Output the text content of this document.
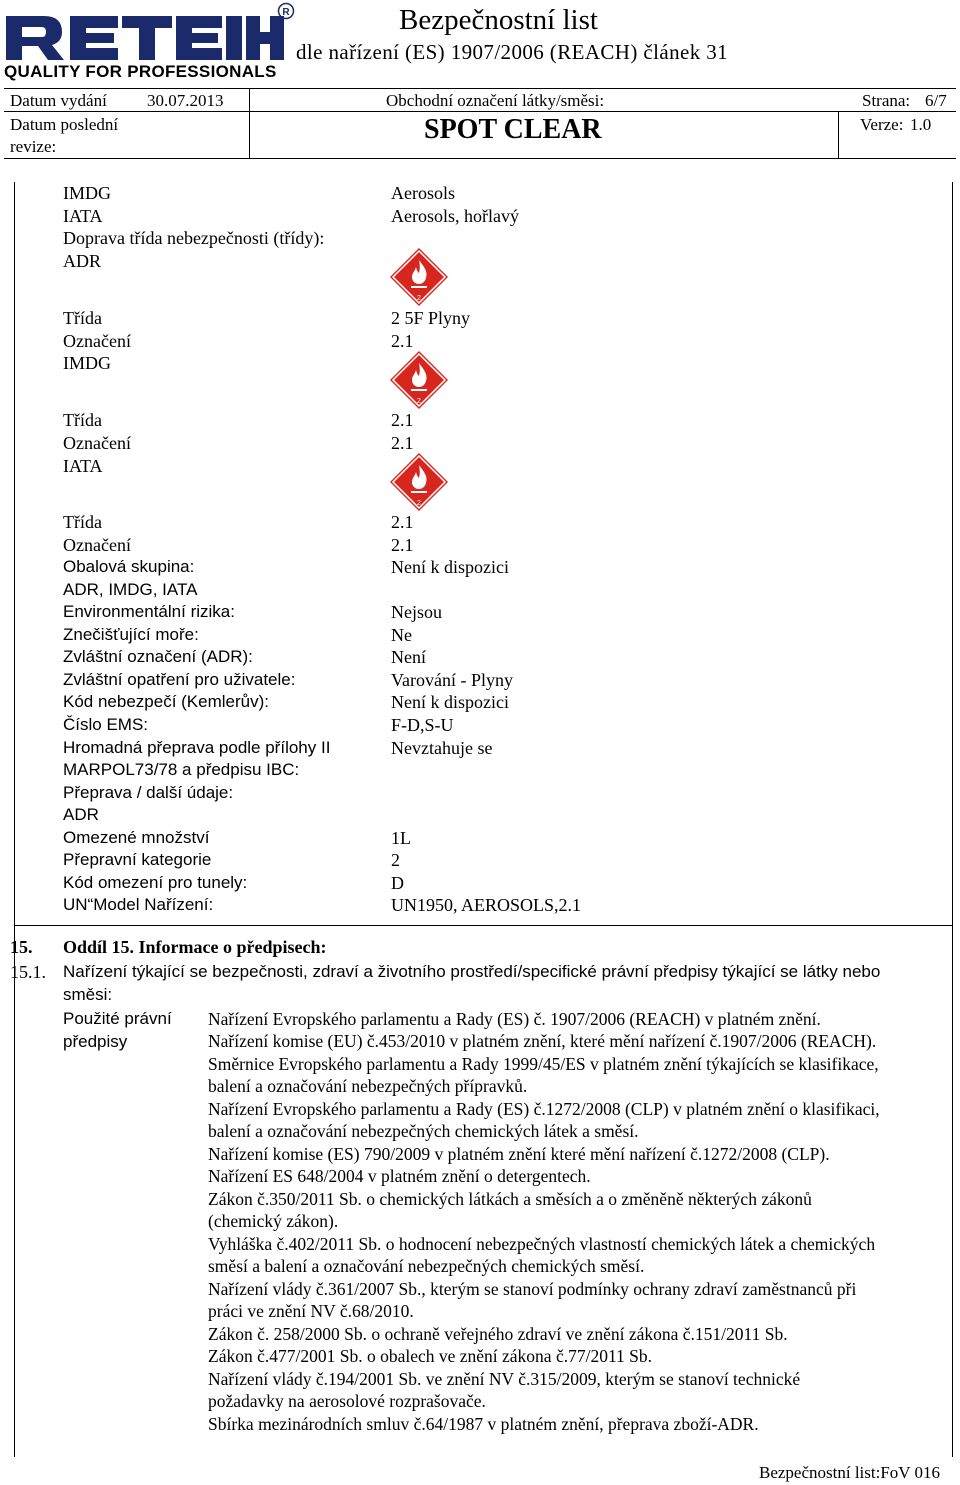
R
QUALITY FOR PROFESSIONALS
Bezpečnostní list
dle nařízení (ES) 1907/2006 (REACH) článek 31
Datum vydání 30.07.2013	Obchodní označení látky/směsi:	Strana: 6/7
Datum poslední
revize:
SPOT CLEAR	Verze: 1.0
IMDG	Aerosols
IATA	Aerosols, hořlavý
Doprava třída nebezpečnosti (třídy):
ADR
2
Třída	2 5F Plyny
Označení	2.1
IMDG
2
Třída	2.1
Označení	2.1
IATA
2
Třída	2.1
Označení	2.1
Obalová skupina:	Není k dispozici
ADR, IMDG, IATA
Environmentální rizika:	Nejsou
Znečišťující moře:	Ne
Zvláštní označení (ADR):	Není
Zvláštní opatření pro uživatele:	Varování - Plyny
Kód nebezpečí (Kemlerův):	Není k dispozici
Číslo EMS:	F-D,S-U
Hromadná přeprava podle přílohy II	Nevztahuje se
MARPOL73/78 a předpisu IBC:
Přeprava / další údaje:
ADR
Omezené množství	1L
Přepravní kategorie	2
Kód omezení pro tunely:	D
UN“Model Nařízení:	UN1950, AEROSOLS,2.1
15. Oddíl 15. Informace o předpisech:
15.1. Nařízení týkající se bezpečnosti, zdraví a životního prostředí/specifické právní předpisy týkající se látky nebo
směsi:
Použité právní
předpisy
Nařízení Evropského parlamentu a Rady (ES) č. 1907/2006 (REACH) v platném znění.
Nařízení komise (EU) č.453/2010 v platném znění, které mění nařízení č.1907/2006 (REACH).
Směrnice Evropského parlamentu a Rady 1999/45/ES v platném znění týkajících se klasifikace,
balení a označování nebezpečných přípravků.
Nařízení Evropského parlamentu a Rady (ES) č.1272/2008 (CLP) v platném znění o klasifikaci,
balení a označování nebezpečných chemických látek a směsí.
Nařízení komise (ES) 790/2009 v platném znění které mění nařízení č.1272/2008 (CLP).
Nařízení ES 648/2004 v platném znění o detergentech.
Zákon č.350/2011 Sb. o chemických látkách a směsích a o změněně některých zákonů
(chemický zákon).
Vyhláška č.402/2011 Sb. o hodnocení nebezpečných vlastností chemických látek a chemických
směsí a balení a označování nebezpečných chemických směsí.
Nařízení vlády č.361/2007 Sb., kterým se stanoví podmínky ochrany zdraví zaměstnanců při
práci ve znění NV č.68/2010.
Zákon č. 258/2000 Sb. o ochraně veřejného zdraví ve znění zákona č.151/2011 Sb.
Zákon č.477/2001 Sb. o obalech ve znění zákona č.77/2011 Sb.
Nařízení vlády č.194/2001 Sb. ve znění NV č.315/2009, kterým se stanoví technické
požadavky na aerosolové rozprašovače.
Sbírka mezinárodních smluv č.64/1987 v platném znění, přeprava zboží-ADR.
Bezpečnostní list:FoV 016
